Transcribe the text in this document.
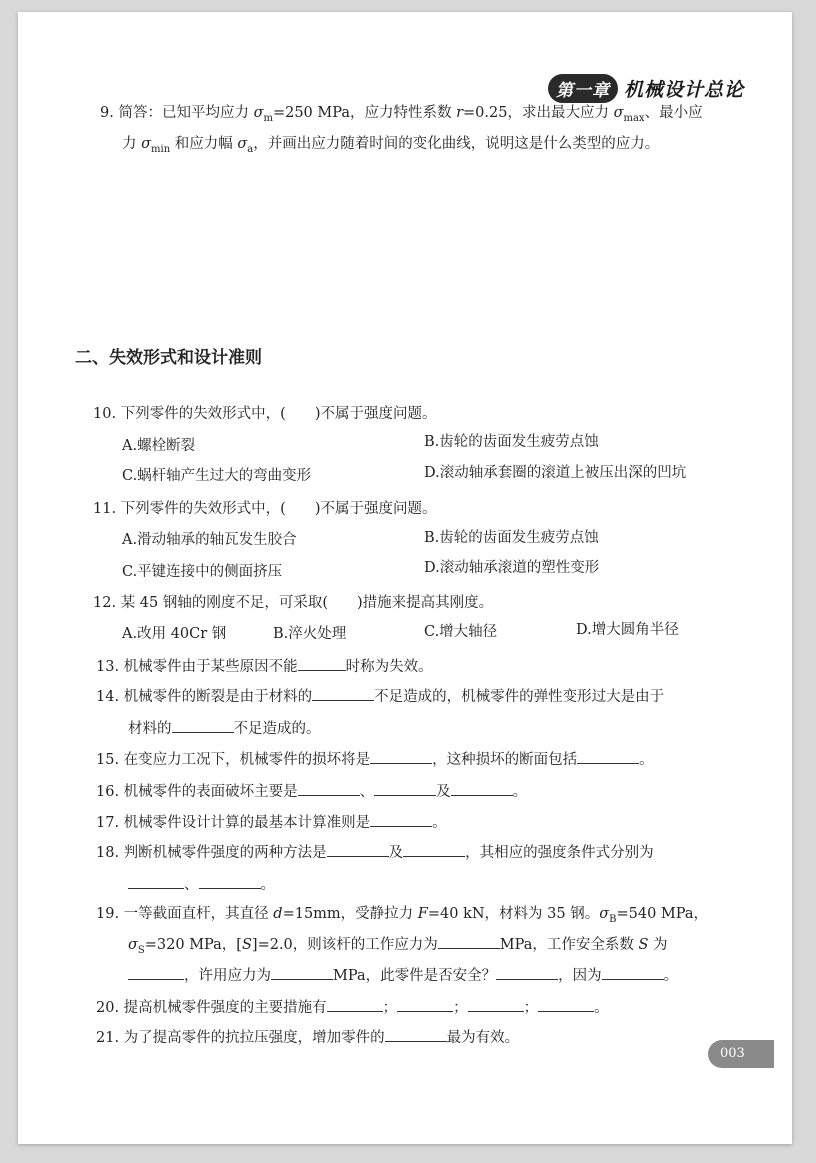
第一章 机械设计总论
9. 简答：已知平均应力 $\sigma_m=250$ MPa，应力特性系数 r=0.25，求出最大应力 $\sigma_{max}$、最小应
力 $\sigma_{min}$ 和应力幅 $\sigma_a$，并画出应力随着时间的变化曲线，说明这是什么类型的应力。
二、失效形式和设计准则
10. 下列零件的失效形式中，(　　)不属于强度问题。
A.螺栓断裂	B.齿轮的齿面发生疲劳点蚀
C.蜗杆轴产生过大的弯曲变形	D.滚动轴承套圈的滚道上被压出深的凹坑
11. 下列零件的失效形式中，(　　)不属于强度问题。
A.滑动轴承的轴瓦发生胶合	B.齿轮的齿面发生疲劳点蚀
C.平键连接中的侧面挤压	D.滚动轴承滚道的塑性变形
12. 某 45 钢轴的刚度不足，可采取(　　)措施来提高其刚度。
A.改用 40Cr 钢	B.淬火处理	C.增大轴径	D.增大圆角半径
13. 机械零件由于某些原因不能	时称为失效。
14. 机械零件的断裂是由于材料的	不足造成的，机械零件的弹性变形过大是由于
材料的	不足造成的。
15. 在变应力工况下，机械零件的损坏将是	，这种损坏的断面包括	。
16. 机械零件的表面破坏主要是	、	及	。
17. 机械零件设计计算的最基本计算准则是	。
18. 判断机械零件强度的两种方法是	及	，其相应的强度条件式分别为
、	。
19. 一等截面直杆，其直径 d=15mm，受静拉力 F=40 kN，材料为 35 钢。$\sigma_B=540$ MPa，
$\sigma_S=320$ MPa，[S]=2.0，则该杆的工作应力为	MPa，工作安全系数 S 为
，许用应力为	MPa，此零件是否安全？	，因为	。
20. 提高机械零件强度的主要措施有	；	；	；	。
21. 为了提高零件的抗拉压强度，增加零件的	最为有效。
003
